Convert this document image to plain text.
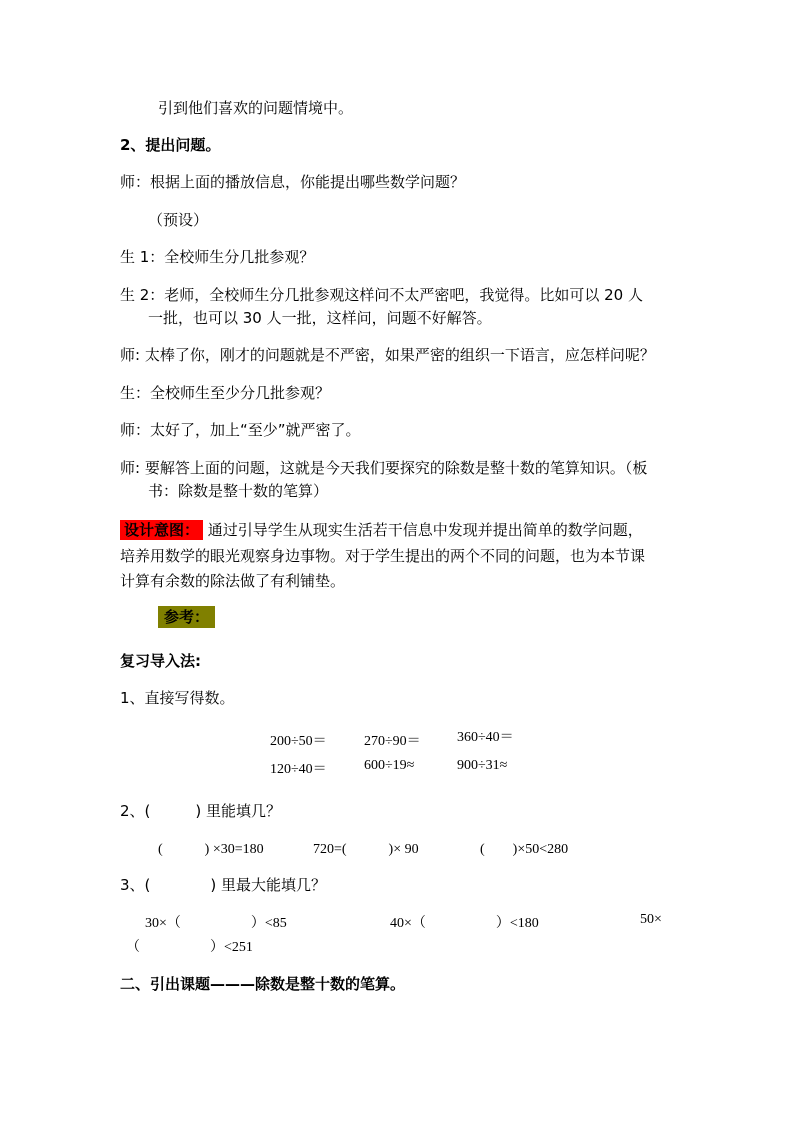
引到他们喜欢的问题情境中。
2、提出问题。
师：根据上面的播放信息，你能提出哪些数学问题？
（预设）
生 1：全校师生分几批参观？
生 2：老师，全校师生分几批参观这样问不太严密吧，我觉得。比如可以 20 人
一批，也可以 30 人一批，这样问，问题不好解答。
师: 太棒了你，刚才的问题就是不严密，如果严密的组织一下语言，应怎样问呢？
生：全校师生至少分几批参观？
师：太好了，加上“至少”就严密了。
师: 要解答上面的问题，这就是今天我们要探究的除数是整十数的笔算知识。（板
书：除数是整十数的笔算）
设计意图： 通过引导学生从现实生活若干信息中发现并提出简单的数学问题，
培养用数学的眼光观察身边事物。对于学生提出的两个不同的问题，也为本节课
计算有余数的除法做了有利铺垫。
参考：
复习导入法:
1、直接写得数。
200÷50＝	270÷90＝	360÷40＝
120÷40＝	600÷19≈	900÷31≈
2、(　　　) 里能填几？
(　　　) ×30=180	720=(　　　)× 90	(　　)×50<280
3、(　　　　) 里最大能填几？
30×（　　　　　）<85	40×（　　　　　）<180	50×
（　　　　　）<251
二、引出课题———除数是整十数的笔算。
